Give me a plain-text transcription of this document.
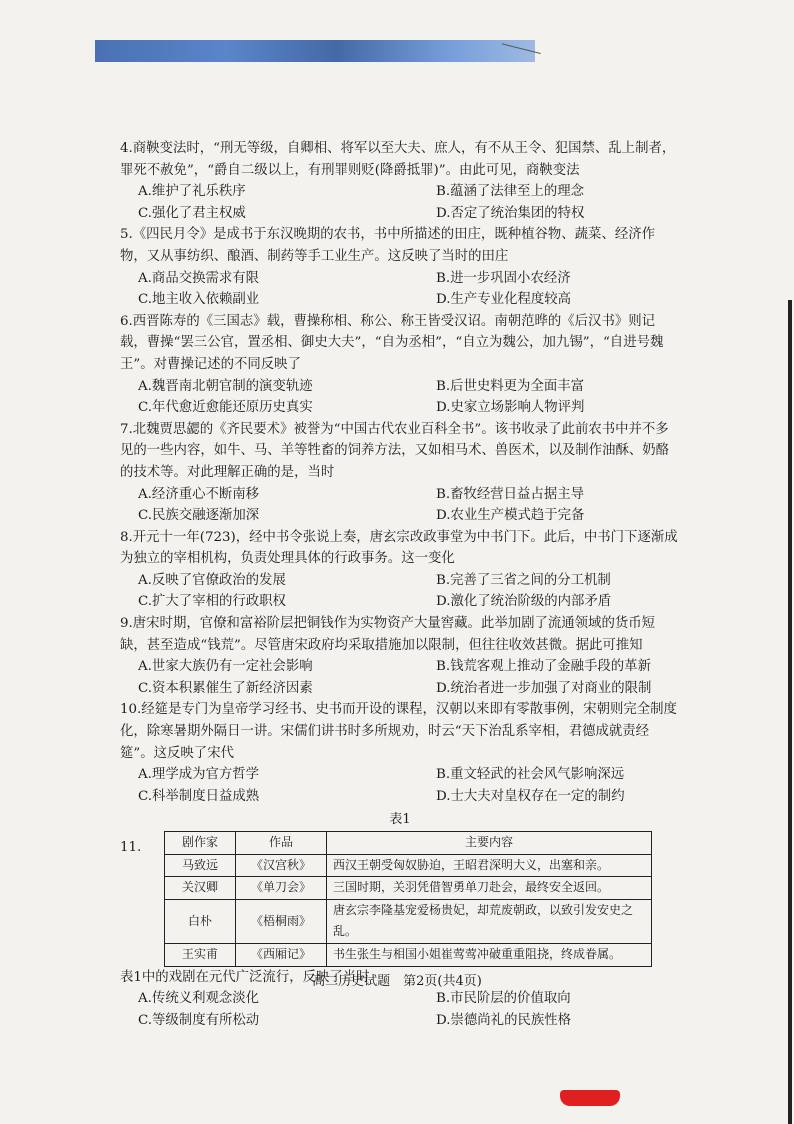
4.商鞅变法时，“刑无等级，自卿相、将军以至大夫、庶人，有不从王令、犯国禁、乱上制者，罪死不赦免”，“爵自二级以上，有刑罪则贬(降爵抵罪)”。由此可见，商鞅变法

A.维护了礼乐秩序	B.蕴涵了法律至上的理念

C.强化了君主权威	D.否定了统治集团的特权

5.《四民月令》是成书于东汉晚期的农书，书中所描述的田庄，既种植谷物、蔬菜、经济作物，又从事纺织、酿酒、制药等手工业生产。这反映了当时的田庄

A.商品交换需求有限	B.进一步巩固小农经济

C.地主收入依赖副业	D.生产专业化程度较高

6.西晋陈寿的《三国志》载，曹操称相、称公、称王皆受汉诏。南朝范晔的《后汉书》则记载，曹操“罢三公官，置丞相、御史大夫”，“自为丞相”，“自立为魏公，加九锡”，“自进号魏王”。对曹操记述的不同反映了

A.魏晋南北朝官制的演变轨迹	B.后世史料更为全面丰富

C.年代愈近愈能还原历史真实	D.史家立场影响人物评判

7.北魏贾思勰的《齐民要术》被誉为“中国古代农业百科全书”。该书收录了此前农书中并不多见的一些内容，如牛、马、羊等牲畜的饲养方法，又如相马术、兽医术，以及制作油酥、奶酪的技术等。对此理解正确的是，当时

A.经济重心不断南移	B.畜牧经营日益占据主导

C.民族交融逐渐加深	D.农业生产模式趋于完备

8.开元十一年(723)，经中书令张说上奏，唐玄宗改政事堂为中书门下。此后，中书门下逐渐成为独立的宰相机构，负责处理具体的行政事务。这一变化

A.反映了官僚政治的发展	B.完善了三省之间的分工机制

C.扩大了宰相的行政职权	D.激化了统治阶级的内部矛盾

9.唐宋时期，官僚和富裕阶层把铜钱作为实物资产大量窖藏。此举加剧了流通领域的货币短缺，甚至造成“钱荒”。尽管唐宋政府均采取措施加以限制，但往往收效甚微。据此可推知

A.世家大族仍有一定社会影响	B.钱荒客观上推动了金融手段的革新

C.资本积累催生了新经济因素	D.统治者进一步加强了对商业的限制

10.经筵是专门为皇帝学习经书、史书而开设的课程，汉朝以来即有零散事例，宋朝则完全制度化，除寒暑期外隔日一讲。宋儒们讲书时多所规劝，时云“天下治乱系宰相，君德成就责经筵”。这反映了宋代

A.理学成为官方哲学	B.重文轻武的社会风气影响深远

C.科举制度日益成熟	D.士大夫对皇权存在一定的制约

表1

11.	剧作家	作品	主要内容
马致远	《汉宫秋》	西汉王朝受匈奴胁迫，王昭君深明大义，出塞和亲。
关汉卿	《单刀会》	三国时期，关羽凭借智勇单刀赴会，最终安全返回。
白朴	《梧桐雨》	唐玄宗李隆基宠爱杨贵妃，却荒废朝政，以致引发安史之乱。
王实甫	《西厢记》	书生张生与相国小姐崔莺莺冲破重重阻挠，终成眷属。

表1中的戏剧在元代广泛流行，反映了当时

A.传统义利观念淡化	B.市民阶层的价值取向

C.等级制度有所松动	D.崇德尚礼的民族性格

高二历史试题　第2页(共4页)
